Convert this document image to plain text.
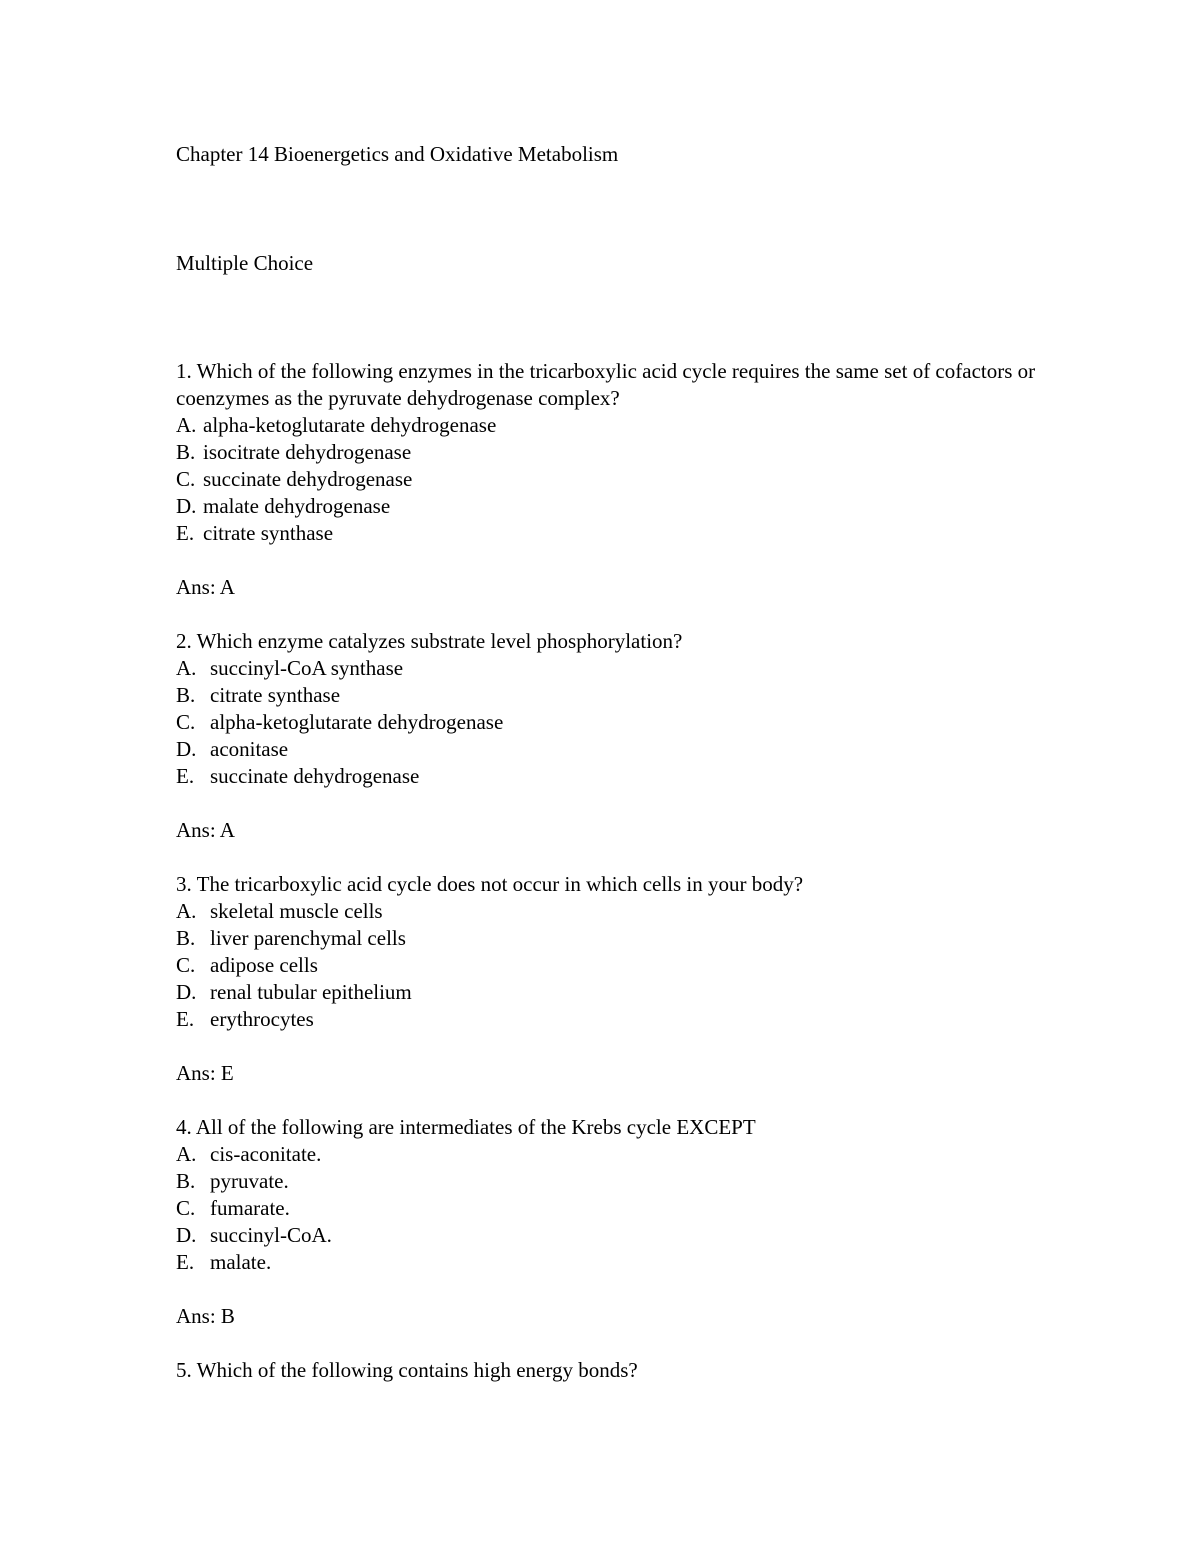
Chapter 14 Bioenergetics and Oxidative Metabolism

Multiple Choice

1. Which of the following enzymes in the tricarboxylic acid cycle requires the same set of cofactors or coenzymes as the pyruvate dehydrogenase complex?

A. alpha-ketoglutarate dehydrogenase
B. isocitrate dehydrogenase
C. succinate dehydrogenase
D. malate dehydrogenase
E. citrate synthase

Ans: A

2. Which enzyme catalyzes substrate level phosphorylation?

A. succinyl-CoA synthase
B. citrate synthase
C. alpha-ketoglutarate dehydrogenase
D. aconitase
E. succinate dehydrogenase

Ans: A

3. The tricarboxylic acid cycle does not occur in which cells in your body?

A. skeletal muscle cells
B. liver parenchymal cells
C. adipose cells
D. renal tubular epithelium
E. erythrocytes

Ans: E

4. All of the following are intermediates of the Krebs cycle EXCEPT

A. cis-aconitate.
B. pyruvate.
C. fumarate.
D. succinyl-CoA.
E. malate.

Ans: B

5. Which of the following contains high energy bonds?
